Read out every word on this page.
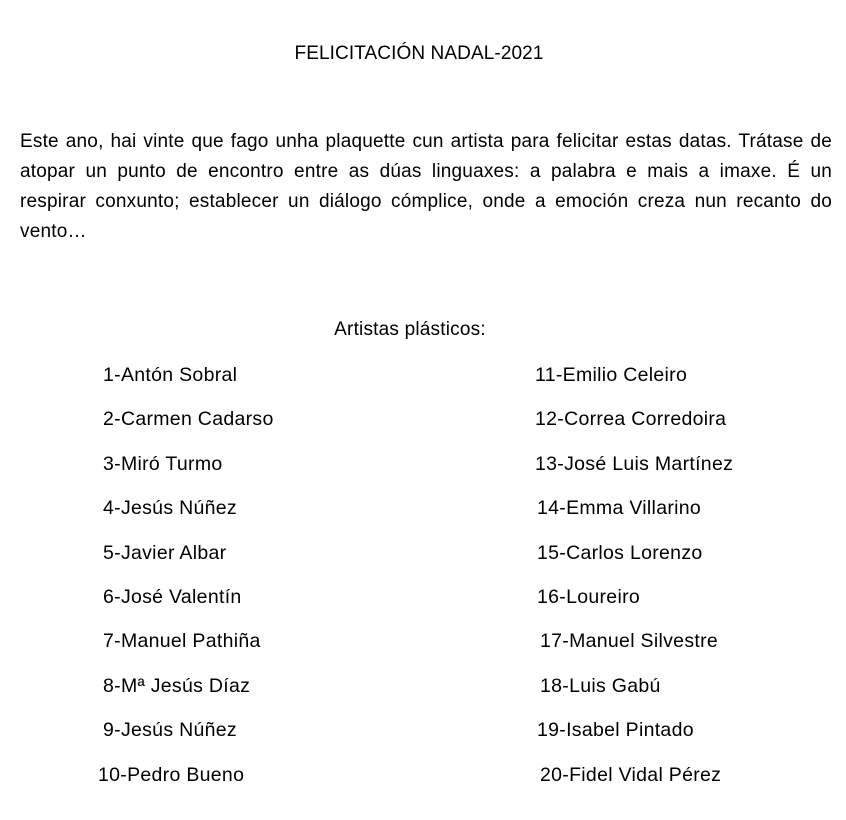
FELICITACIÓN NADAL-2021
Este ano, hai vinte que fago unha plaquette cun artista para felicitar estas datas. Trátase de atopar un punto de encontro entre as dúas linguaxes: a palabra e mais a imaxe. É un respirar conxunto; establecer un diálogo cómplice, onde a emoción creza nun recanto do vento…
Artistas plásticos:
1-Antón Sobral
2-Carmen Cadarso
3-Miró Turmo
4-Jesús Núñez
5-Javier Albar
6-José Valentín
7-Manuel Pathiña
8-Mª Jesús Díaz
9-Jesús Núñez
10-Pedro Bueno
11-Emilio Celeiro
12-Correa Corredoira
13-José Luis Martínez
14-Emma Villarino
15-Carlos Lorenzo
16-Loureiro
17-Manuel Silvestre
18-Luis Gabú
19-Isabel Pintado
20-Fidel Vidal Pérez
